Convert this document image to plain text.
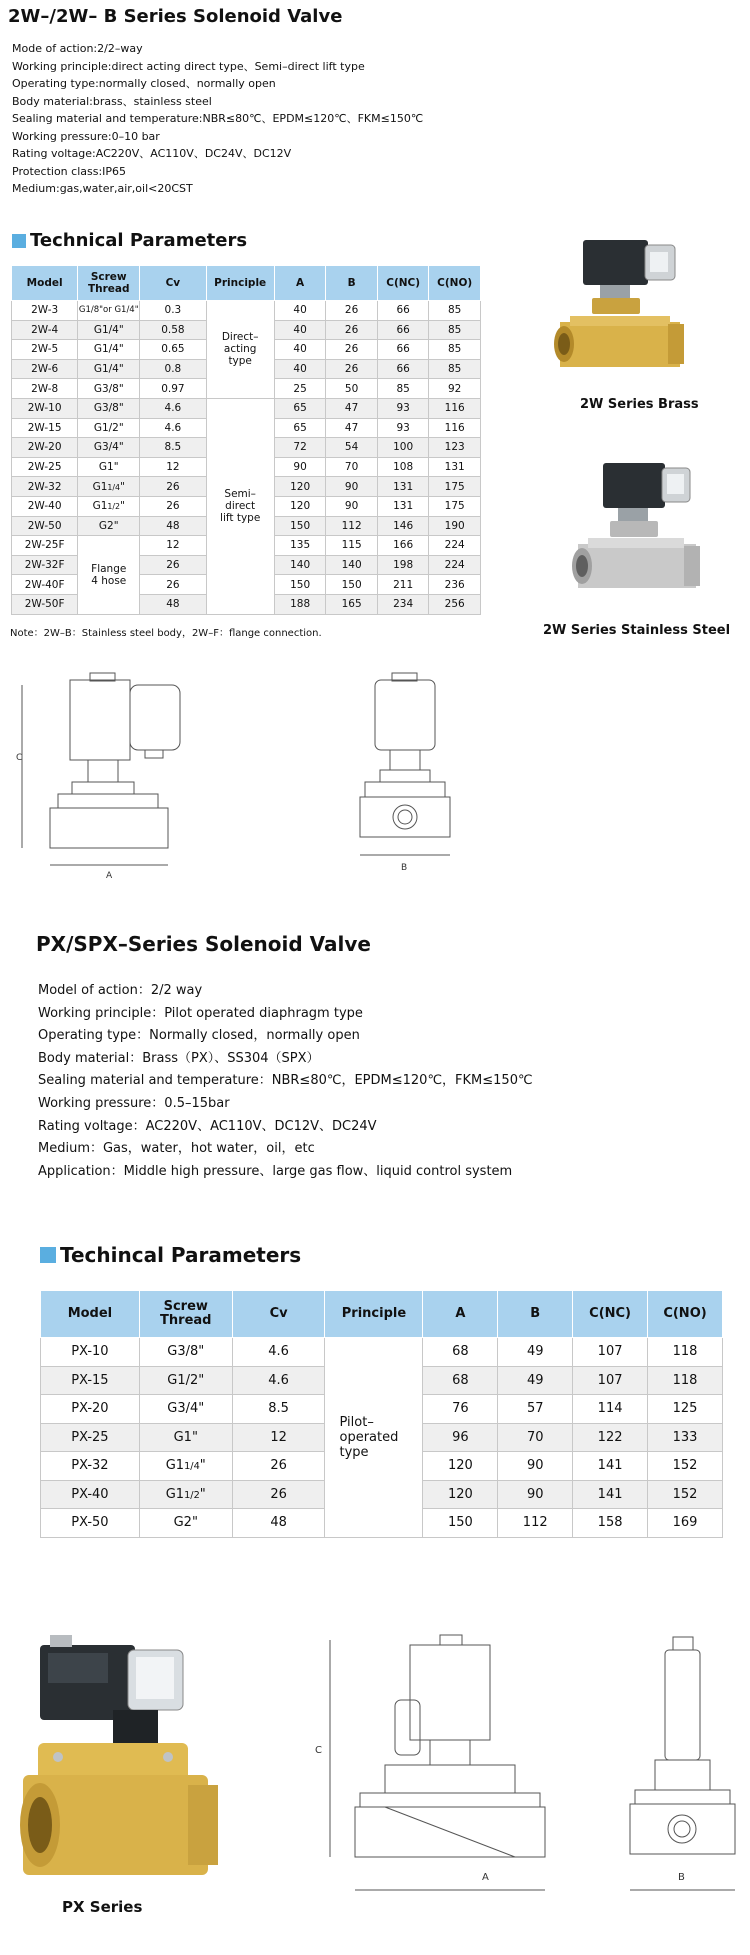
2W–/2W– B Series Solenoid Valve
Mode of action:2/2–way
Working principle:direct acting direct type、Semi–direct lift type
Operating type:normally closed、normally open
Body material:brass、stainless steel
Sealing material and temperature:NBR≤80℃、EPDM≤120℃、FKM≤150℃
Working pressure:0–10 bar
Rating voltage:AC220V、AC110V、DC24V、DC12V
Protection class:IP65
Medium:gas,water,air,oil<20CST
Technical Parameters
Model	Screw Thread	Cv	Principle	A	B	C(NC)	C(NO)
2W-3	G1/8"or G1/4"	0.3	Direct–acting type	40	26	66	85
2W-4	G1/4"	0.58		40	26	66	85
2W-5	G1/4"	0.65		40	26	66	85
2W-6	G1/4"	0.8		40	26	66	85
2W-8	G3/8"	0.97		25	50	85	92
2W-10	G3/8"	4.6	Semi–direct lift type	65	47	93	116
2W-15	G1/2"	4.6		65	47	93	116
2W-20	G3/4"	8.5		72	54	100	123
2W-25	G1"	12		90	70	108	131
2W-32	G11/4"	26		120	90	131	175
2W-40	G11/2"	26		120	90	131	175
2W-50	G2"	48		150	112	146	190
2W-25F	Flange 4 hose	12		135	115	166	224
2W-32F		26		140	140	198	224
2W-40F		26		150	150	211	236
2W-50F		48		188	165	234	256
Note：2W–B：Stainless steel body，2W–F：flange connection.
2W Series Brass
2W Series Stainless Steel
C
A
B
PX/SPX–Series Solenoid Valve
Model of action：2/2 way
Working principle：Pilot operated diaphragm type
Operating type：Normally closed，normally open
Body material：Brass（PX）、SS304（SPX）
Sealing material and temperature：NBR≤80℃，EPDM≤120℃，FKM≤150℃
Working pressure：0.5–15bar
Rating voltage：AC220V、AC110V、DC12V、DC24V
Medium：Gas，water，hot water，oil，etc
Application：Middle high pressure、large gas flow、liquid control system
Techincal Parameters
Model	Screw Thread	Cv	Principle	A	B	C(NC)	C(NO)
PX-10	G3/8"	4.6	Pilot–operated type	68	49	107	118
PX-15	G1/2"	4.6		68	49	107	118
PX-20	G3/4"	8.5		76	57	114	125
PX-25	G1"	12		96	70	122	133
PX-32	G11/4"	26		120	90	141	152
PX-40	G11/2"	26		120	90	141	152
PX-50	G2"	48		150	112	158	169
PX Series
C
A	B
